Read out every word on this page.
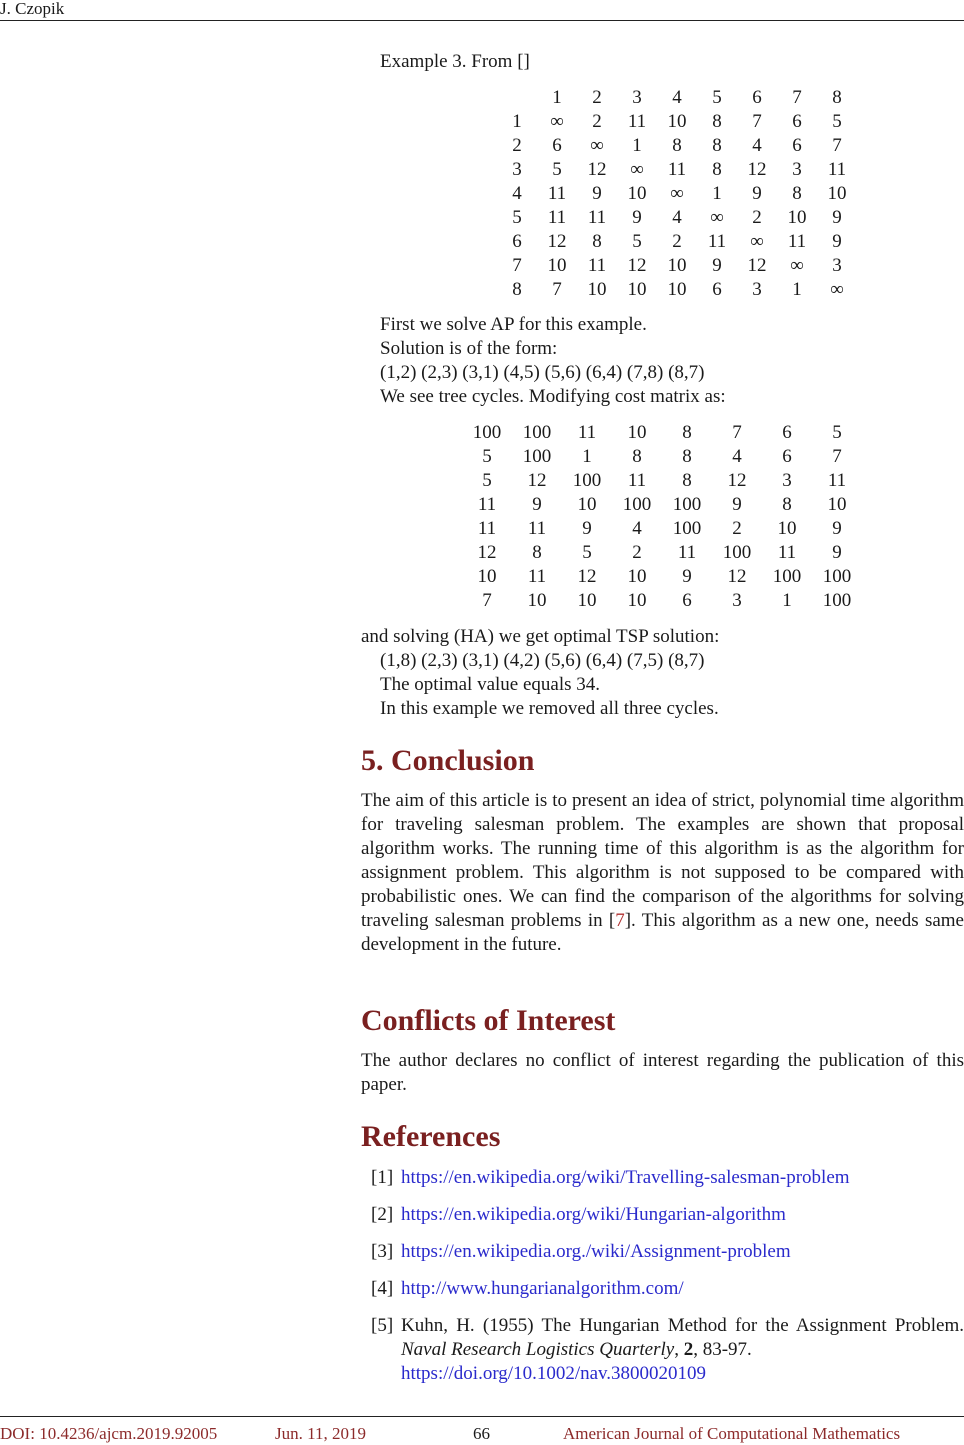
J. Czopik

Example 3. From []

	1	2	3	4	5	6	7	8
1	∞	2	11	10	8	7	6	5
2	6	∞	1	8	8	4	6	7
3	5	12	∞	11	8	12	3	11
4	11	9	10	∞	1	9	8	10
5	11	11	9	4	∞	2	10	9
6	12	8	5	2	11	∞	11	9
7	10	11	12	10	9	12	∞	3
8	7	10	10	10	6	3	1	∞
First we solve AP for this example.
Solution is of the form:
(1,2) (2,3) (3,1) (4,5) (5,6) (6,4) (7,8) (8,7)
We see tree cycles. Modifying cost matrix as:
100	100	11	10	8	7	6	5
5	100	1	8	8	4	6	7
5	12	100	11	8	12	3	11
11	9	10	100	100	9	8	10
11	11	9	4	100	2	10	9
12	8	5	2	11	100	11	9
10	11	12	10	9	12	100	100
7	10	10	10	6	3	1	100

and solving (HA) we get optimal TSP solution:

(1,8) (2,3) (3,1) (4,2) (5,6) (6,4) (7,5) (8,7)
The optimal value equals 34.
In this example we removed all three cycles.
5. Conclusion

The aim of this article is to present an idea of strict, polynomial time algorithm for traveling salesman problem. The examples are shown that proposal algorithm works. The running time of this algorithm is as the algorithm for assignment problem. This algorithm is not supposed to be compared with probabilistic ones. We can find the comparison of the algorithms for solving traveling salesman problems in [7]. This algorithm as a new one, needs same development in the future.

Conflicts of Interest

The author declares no conflict of interest regarding the publication of this paper.

References
[1] https://en.wikipedia.org/wiki/Travelling-salesman-problem
[2] https://en.wikipedia.org/wiki/Hungarian-algorithm
[3] https://en.wikipedia.org./wiki/Assignment-problem
[4] http://www.hungarianalgorithm.com/
[5] Kuhn, H. (1955) The Hungarian Method for the Assignment Problem. Naval Research Logistics Quarterly, 2, 83-97.
https://doi.org/10.1002/nav.3800020109
DOI: 10.4236/ajcm.2019.92005	Jun. 11, 2019	66	American Journal of Computational Mathematics
